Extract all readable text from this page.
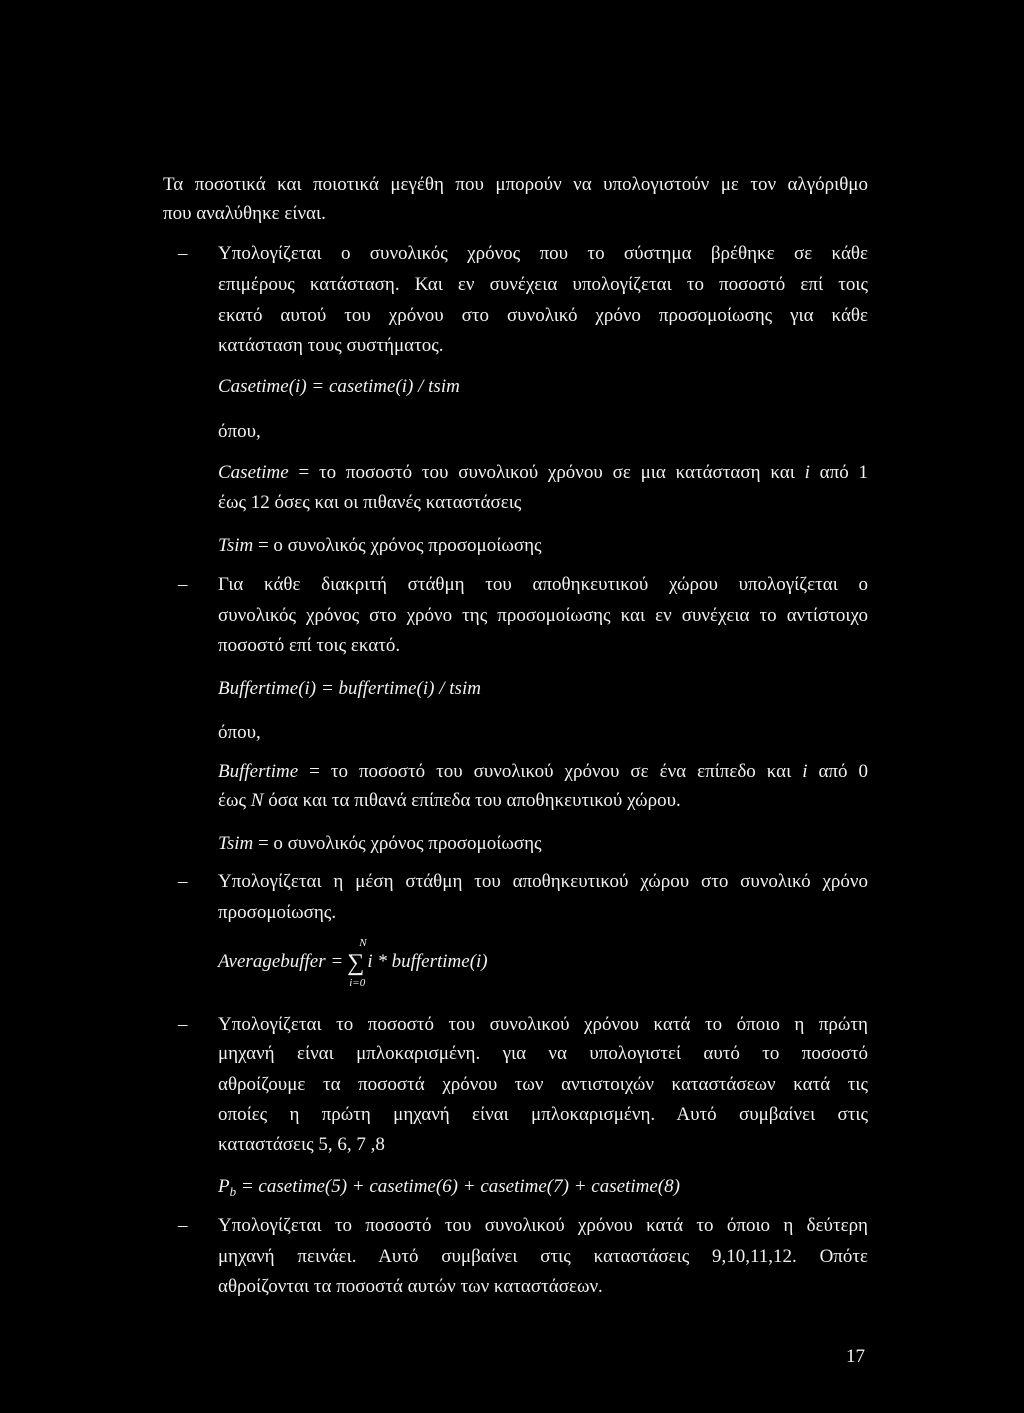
Τα ποσοτικά και ποιοτικά μεγέθη που μπορούν να υπολογιστούν με τον αλγόριθμο
που αναλύθηκε είναι.
– Υπολογίζεται ο συνολικός χρόνος που το σύστημα βρέθηκε σε κάθε
επιμέρους κατάσταση. Και εν συνέχεια υπολογίζεται το ποσοστό επί τοις
εκατό αυτού του χρόνου στο συνολικό χρόνο προσομοίωσης για κάθε
κατάσταση τους συστήματος.
Casetime(i) = casetime(i) / tsim
όπου,
Casetime = το ποσοστό του συνολικού χρόνου σε μια κατάσταση και i από 1
έως 12 όσες και οι πιθανές καταστάσεις
Tsim = ο συνολικός χρόνος προσομοίωσης
– Για κάθε διακριτή στάθμη του αποθηκευτικού χώρου υπολογίζεται ο
συνολικός χρόνος στο χρόνο της προσομοίωσης και εν συνέχεια το αντίστοιχο
ποσοστό επί τοις εκατό.
Buffertime(i) = buffertime(i) / tsim
όπου,
Buffertime = το ποσοστό του συνολικού χρόνου σε ένα επίπεδο και i από 0
έως N όσα και τα πιθανά επίπεδα του αποθηκευτικού χώρου.
Tsim = ο συνολικός χρόνος προσομοίωσης
– Υπολογίζεται η μέση στάθμη του αποθηκευτικού χώρου στο συνολικό χρόνο
προσομοίωσης.
Averagebuffer =
N
∑
i=0
i * buffertime(i)
– Υπολογίζεται το ποσοστό του συνολικού χρόνου κατά το όποιο η πρώτη
μηχανή είναι μπλοκαρισμένη. για να υπολογιστεί αυτό το ποσοστό
αθροίζουμε τα ποσοστά χρόνου των αντιστοιχών καταστάσεων κατά τις
οποίες η πρώτη μηχανή είναι μπλοκαρισμένη. Αυτό συμβαίνει στις
καταστάσεις 5, 6, 7 ,8
$P_b$ = casetime(5) + casetime(6) + casetime(7) + casetime(8)
– Υπολογίζεται το ποσοστό του συνολικού χρόνου κατά το όποιο η δεύτερη
μηχανή πεινάει. Αυτό συμβαίνει στις καταστάσεις 9,10,11,12. Οπότε
αθροίζονται τα ποσοστά αυτών των καταστάσεων.
17
